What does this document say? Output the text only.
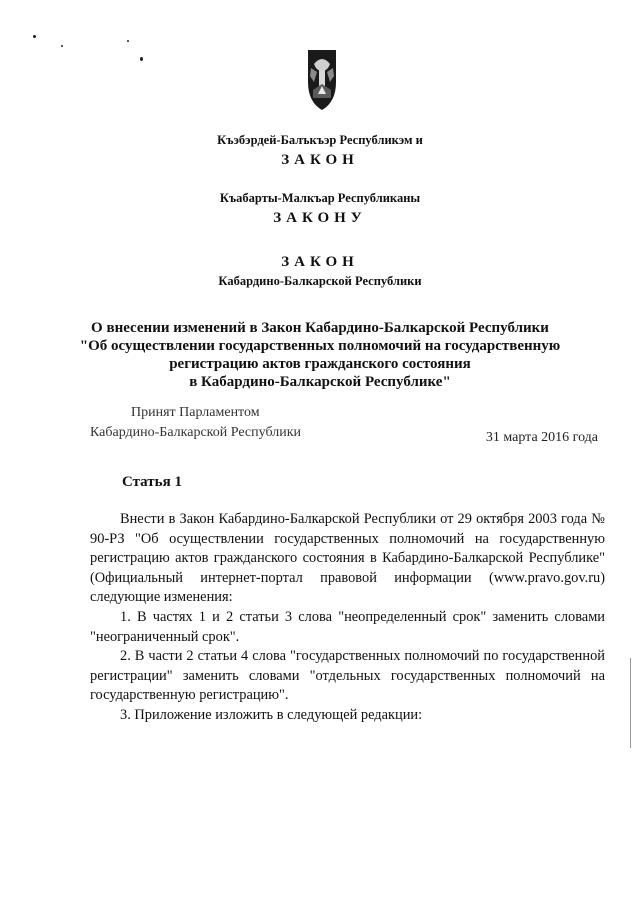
Къэбэрдей-Балъкъэр Республикэм и
ЗАКОН
Къабарты-Малкъар Республиканы
ЗАКОНУ
ЗАКОН
Кабардино-Балкарской Республики
О внесении изменений в Закон Кабардино-Балкарской Республики
"Об осуществлении государственных полномочий на государственную
регистрацию актов гражданского состояния
в Кабардино-Балкарской Республике"
Принят Парламентом
Кабардино-Балкарской Республики	31 марта 2016 года
Статья 1

Внести в Закон Кабардино-Балкарской Республики от 29 октября 2003 года № 90-РЗ "Об осуществлении государственных полномочий на государственную регистрацию актов гражданского состояния в Кабардино-Балкарской Республике" (Официальный интернет-портал правовой информации (www.pravo.gov.ru) следующие изменения:

1. В частях 1 и 2 статьи 3 слова "неопределенный срок" заменить словами "неограниченный срок".

2. В части 2 статьи 4 слова "государственных полномочий по государственной регистрации" заменить словами "отдельных государственных полномочий на государственную регистрацию".

3. Приложение изложить в следующей редакции:
